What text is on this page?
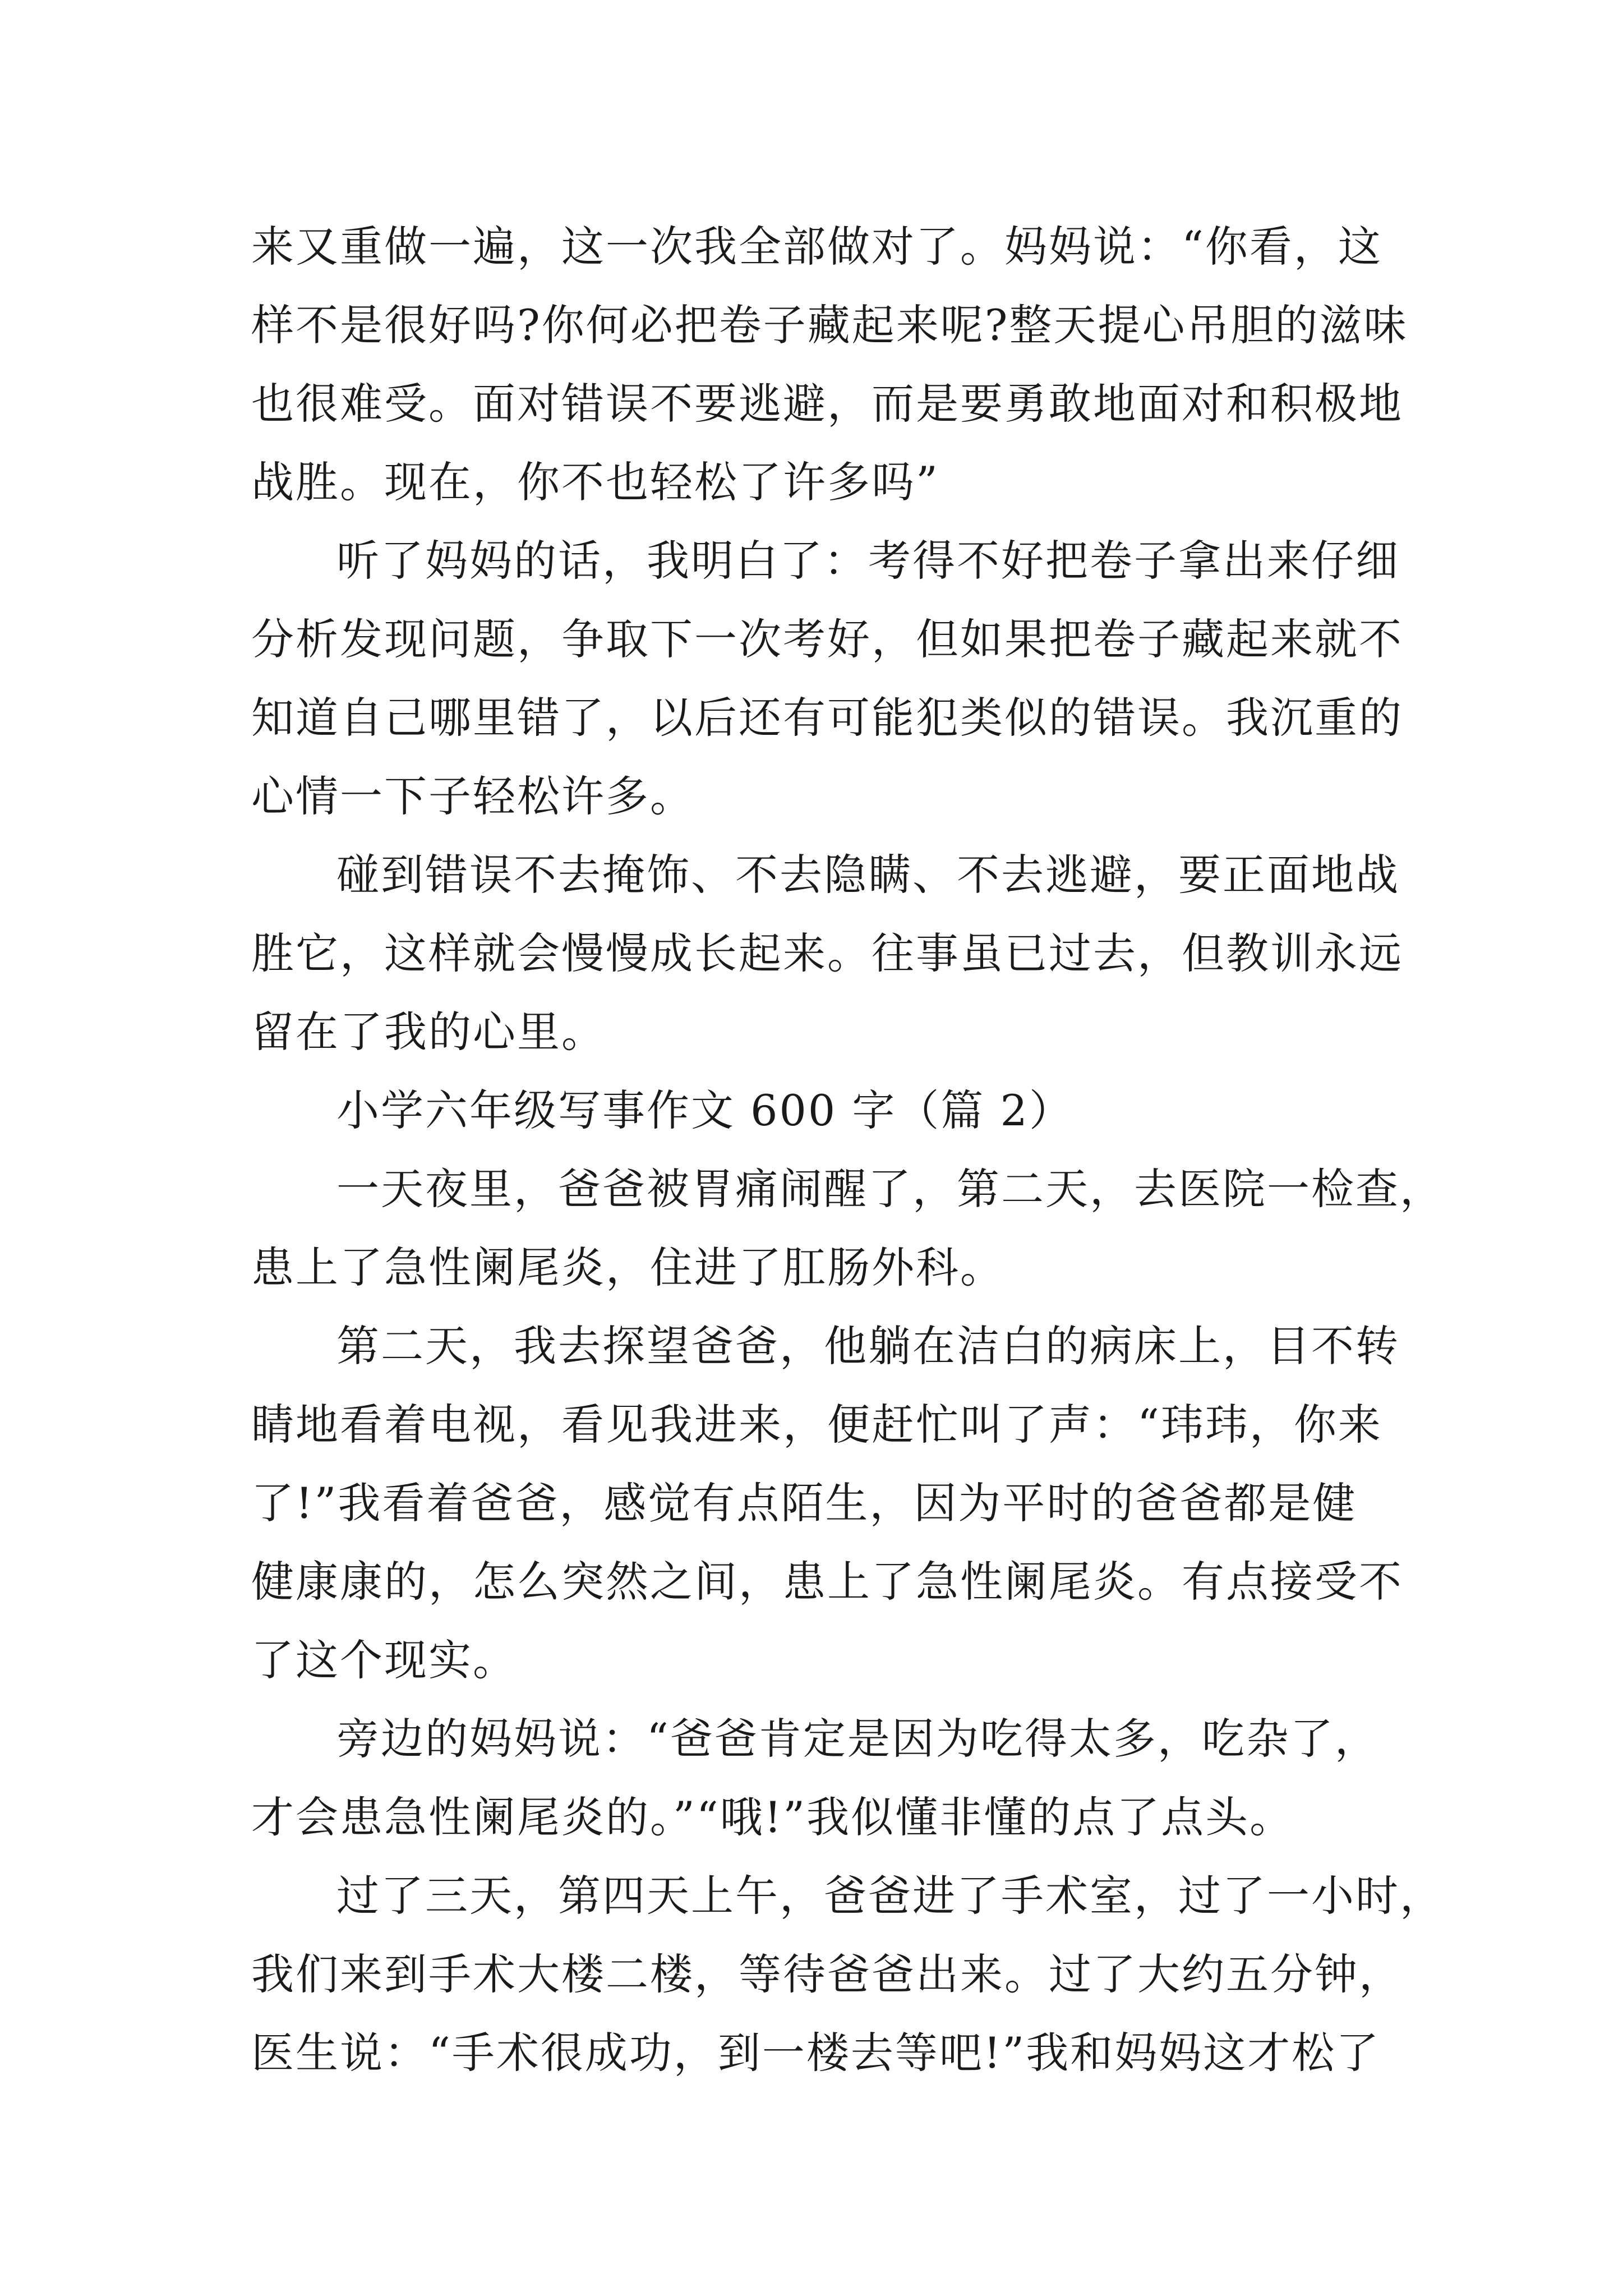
来又重做一遍，这一次我全部做对了。妈妈说：“你看，这

样不是很好吗?你何必把卷子藏起来呢?整天提心吊胆的滋味

也很难受。面对错误不要逃避，而是要勇敢地面对和积极地

战胜。现在，你不也轻松了许多吗”

听了妈妈的话，我明白了：考得不好把卷子拿出来仔细

分析发现问题，争取下一次考好，但如果把卷子藏起来就不

知道自己哪里错了，以后还有可能犯类似的错误。我沉重的

心情一下子轻松许多。

碰到错误不去掩饰、不去隐瞒、不去逃避，要正面地战

胜它，这样就会慢慢成长起来。往事虽已过去，但教训永远

留在了我的心里。

小学六年级写事作文 600 字（篇 2）

一天夜里，爸爸被胃痛闹醒了，第二天，去医院一检查，

患上了急性阑尾炎，住进了肛肠外科。

第二天，我去探望爸爸，他躺在洁白的病床上，目不转

睛地看着电视，看见我进来，便赶忙叫了声：“玮玮，你来

了!”我看着爸爸，感觉有点陌生，因为平时的爸爸都是健

健康康的，怎么突然之间，患上了急性阑尾炎。有点接受不

了这个现实。

旁边的妈妈说：“爸爸肯定是因为吃得太多，吃杂了，

才会患急性阑尾炎的。”“哦!”我似懂非懂的点了点头。

过了三天，第四天上午，爸爸进了手术室，过了一小时，

我们来到手术大楼二楼，等待爸爸出来。过了大约五分钟，

医生说：“手术很成功，到一楼去等吧!”我和妈妈这才松了
